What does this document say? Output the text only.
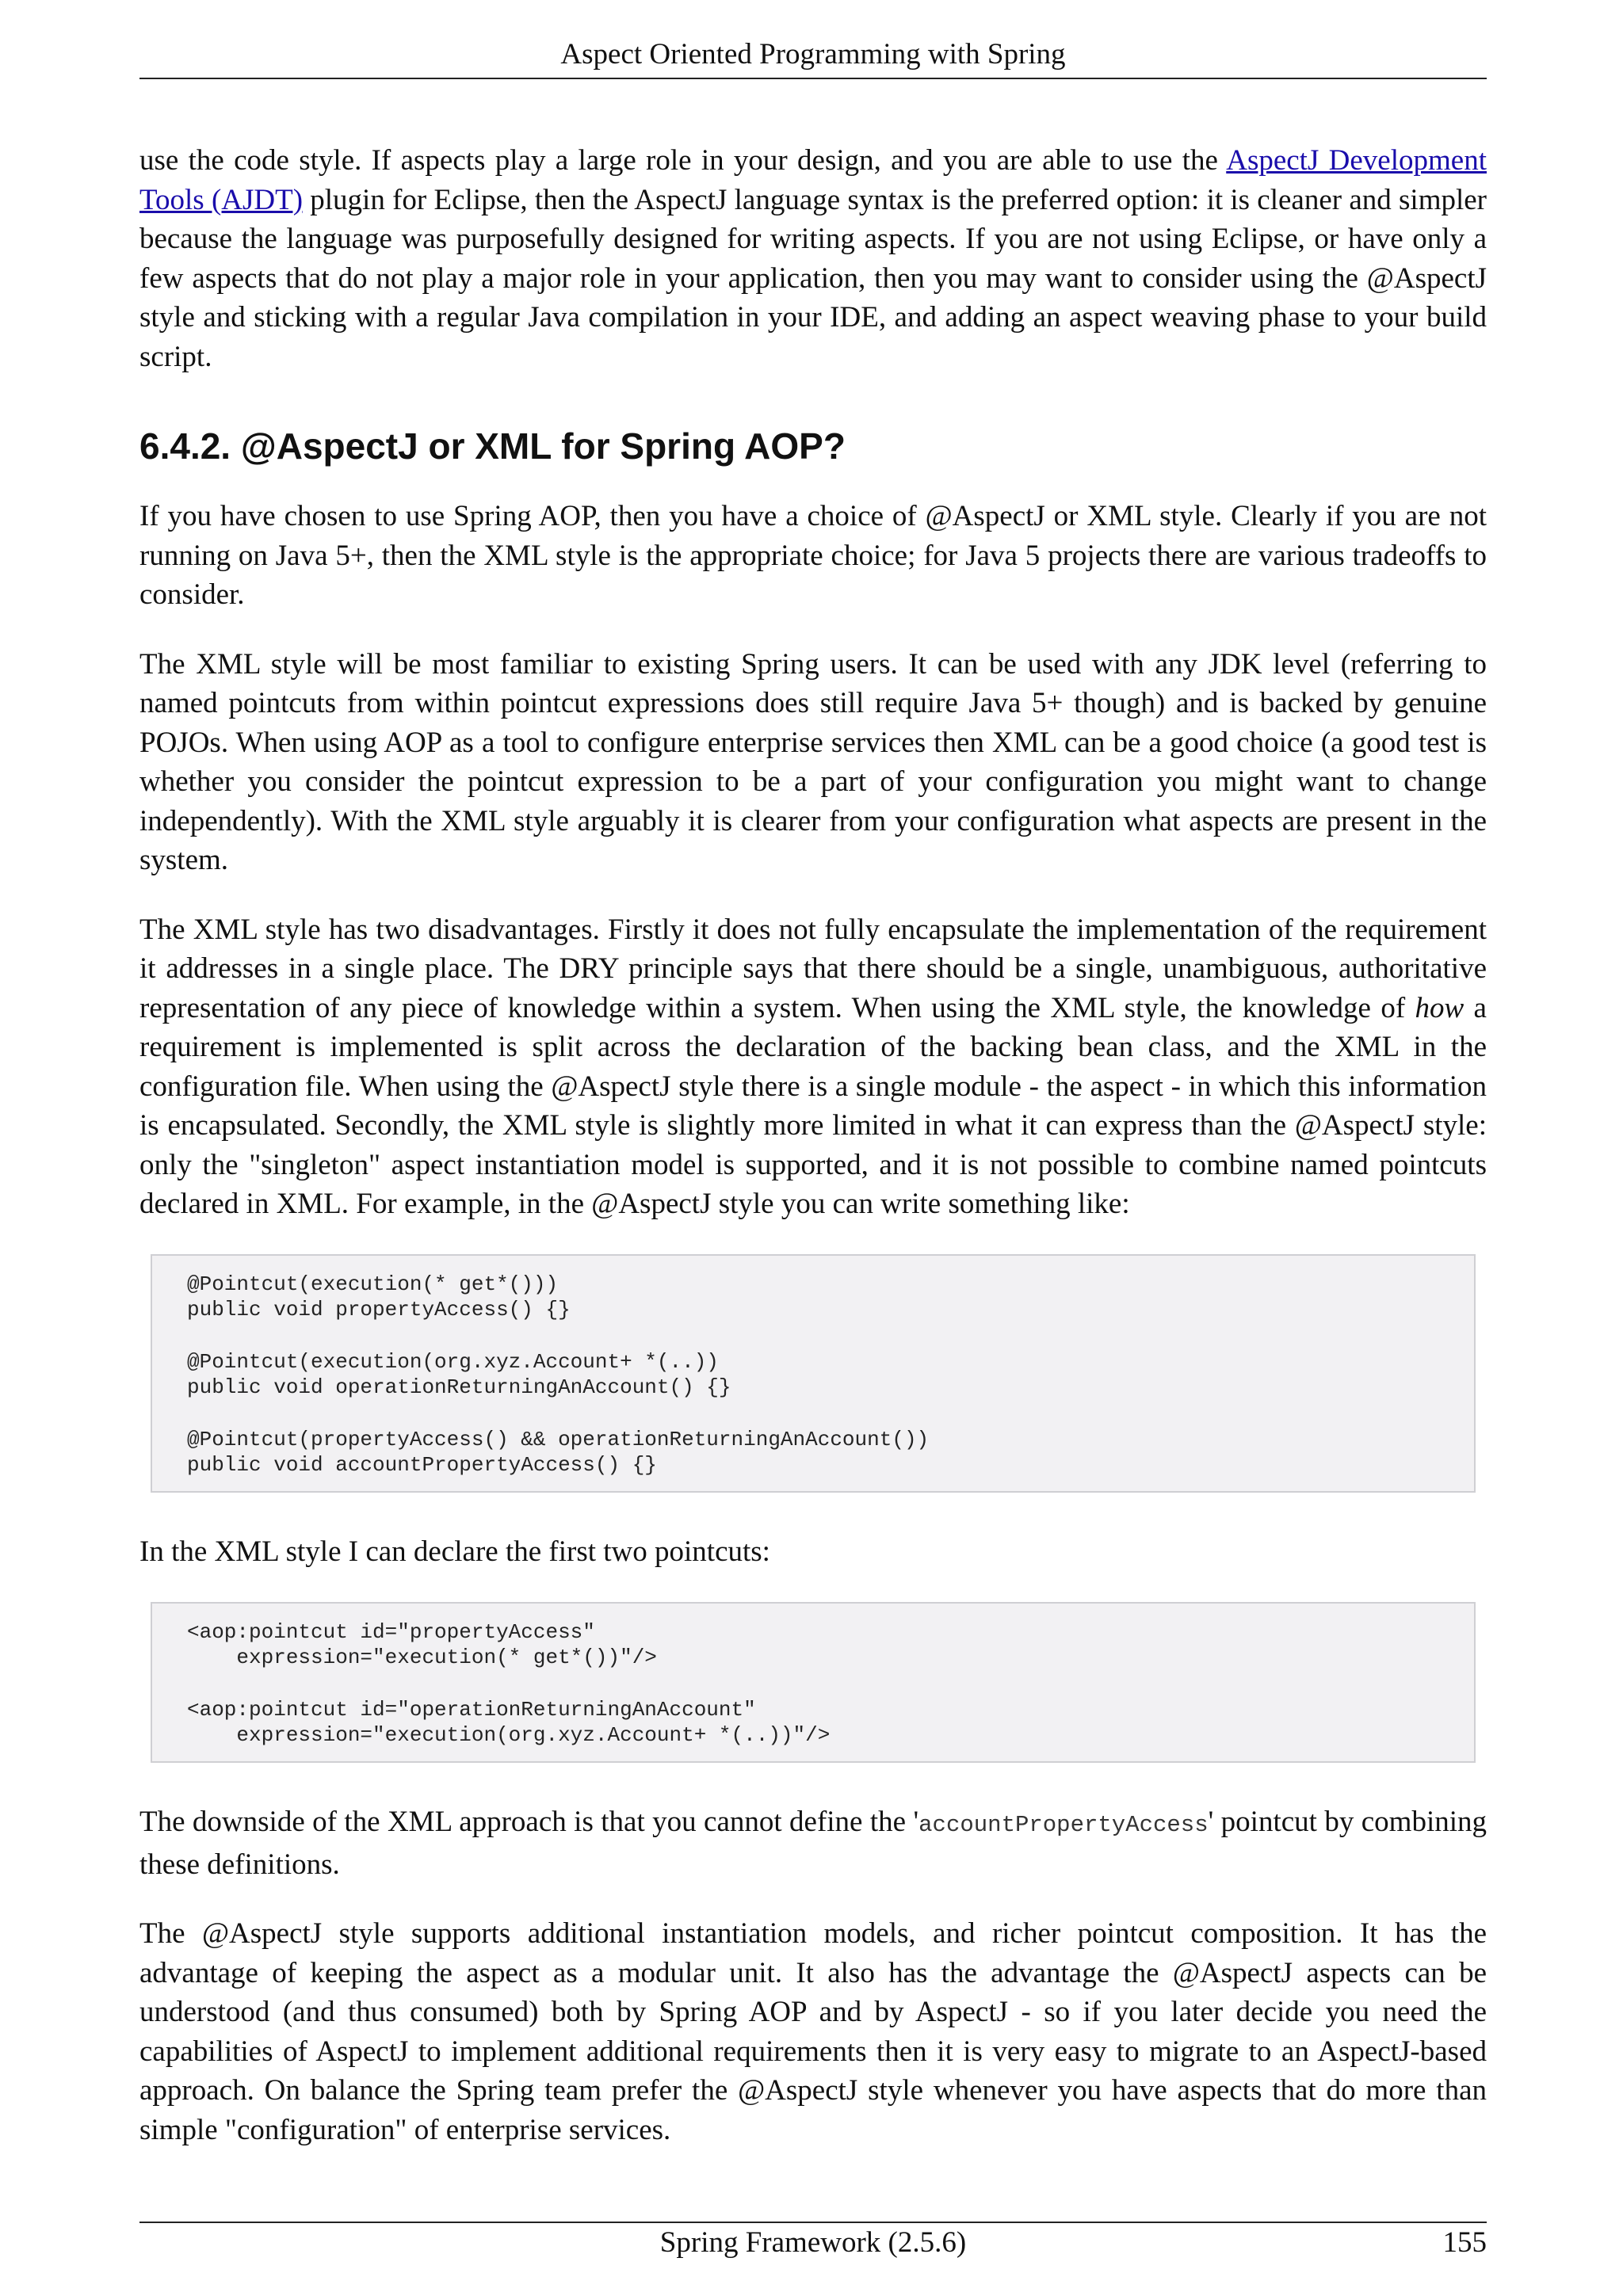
Aspect Oriented Programming with Spring

use the code style. If aspects play a large role in your design, and you are able to use the AspectJ Development Tools (AJDT) plugin for Eclipse, then the AspectJ language syntax is the preferred option: it is cleaner and simpler because the language was purposefully designed for writing aspects. If you are not using Eclipse, or have only a few aspects that do not play a major role in your application, then you may want to consider using the @AspectJ style and sticking with a regular Java compilation in your IDE, and adding an aspect weaving phase to your build script.

6.4.2. @AspectJ or XML for Spring AOP?

If you have chosen to use Spring AOP, then you have a choice of @AspectJ or XML style. Clearly if you are not running on Java 5+, then the XML style is the appropriate choice; for Java 5 projects there are various tradeoffs to consider.

The XML style will be most familiar to existing Spring users. It can be used with any JDK level (referring to named pointcuts from within pointcut expressions does still require Java 5+ though) and is backed by genuine POJOs. When using AOP as a tool to configure enterprise services then XML can be a good choice (a good test is whether you consider the pointcut expression to be a part of your configuration you might want to change independently). With the XML style arguably it is clearer from your configuration what aspects are present in the system.

The XML style has two disadvantages. Firstly it does not fully encapsulate the implementation of the requirement it addresses in a single place. The DRY principle says that there should be a single, unambiguous, authoritative representation of any piece of knowledge within a system. When using the XML style, the knowledge of how a requirement is implemented is split across the declaration of the backing bean class, and the XML in the configuration file. When using the @AspectJ style there is a single module - the aspect - in which this information is encapsulated. Secondly, the XML style is slightly more limited in what it can express than the @AspectJ style: only the "singleton" aspect instantiation model is supported, and it is not possible to combine named pointcuts declared in XML. For example, in the @AspectJ style you can write something like:

@Pointcut(execution(* get*()))
public void propertyAccess() {}

@Pointcut(execution(org.xyz.Account+ *(..))
public void operationReturningAnAccount() {}

@Pointcut(propertyAccess() && operationReturningAnAccount())
public void accountPropertyAccess() {}

In the XML style I can declare the first two pointcuts:

<aop:pointcut id="propertyAccess"
expression="execution(* get*())"/>

<aop:pointcut id="operationReturningAnAccount"
expression="execution(org.xyz.Account+ *(..))"/>

The downside of the XML approach is that you cannot define the 'accountPropertyAccess' pointcut by combining these definitions.

The @AspectJ style supports additional instantiation models, and richer pointcut composition. It has the advantage of keeping the aspect as a modular unit. It also has the advantage the @AspectJ aspects can be understood (and thus consumed) both by Spring AOP and by AspectJ - so if you later decide you need the capabilities of AspectJ to implement additional requirements then it is very easy to migrate to an AspectJ-based approach. On balance the Spring team prefer the @AspectJ style whenever you have aspects that do more than simple "configuration" of enterprise services.

Spring Framework (2.5.6)	155
